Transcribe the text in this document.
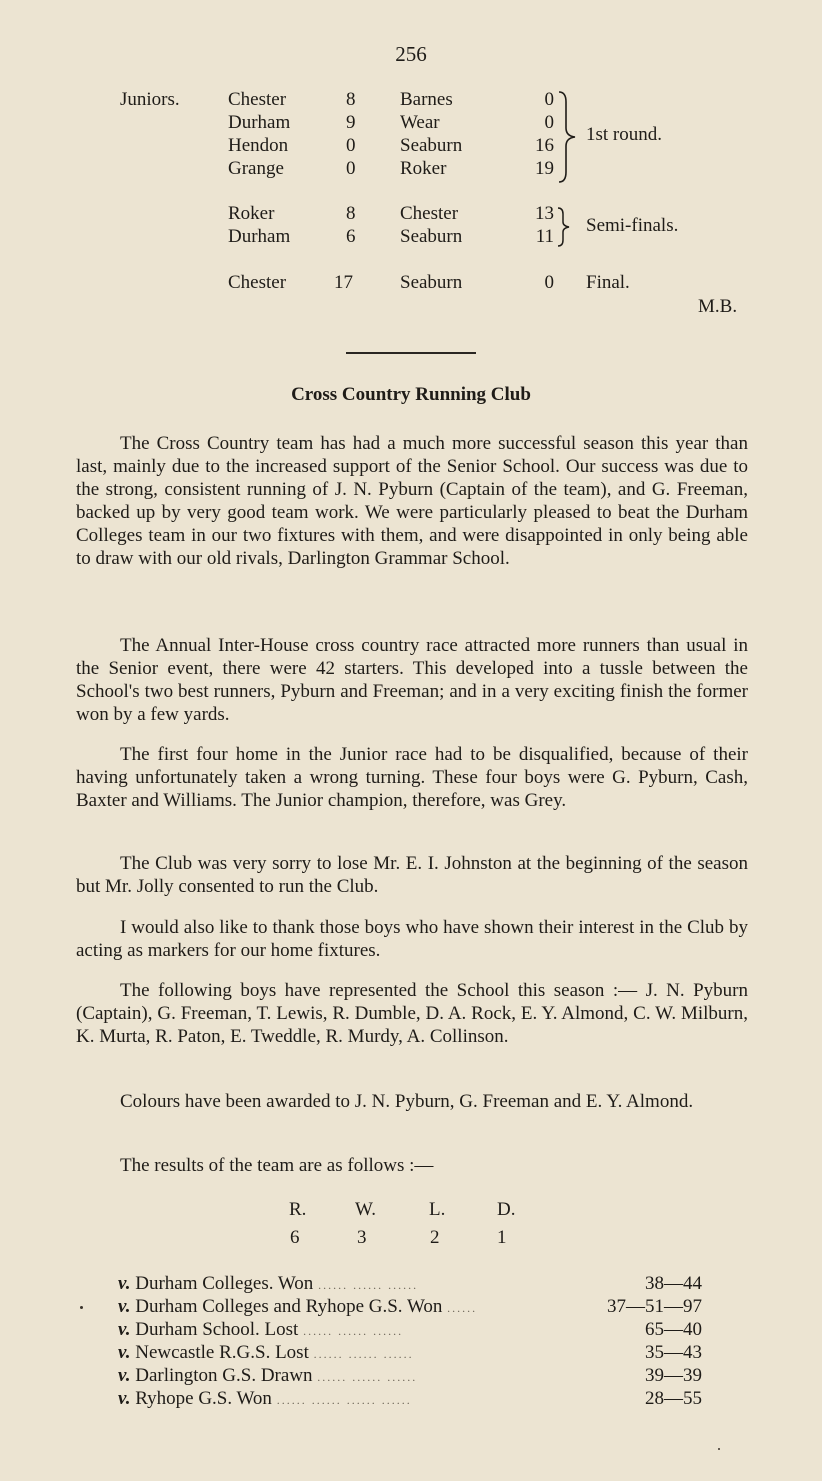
256
Juniors.	Chester	8 Barnes	0
Durham	9 Wear	0
Hendon	0 Seaburn	16
Grange	0 Roker	19
1st round.
Roker	8 Chester	13
Durham	6 Seaburn	11
Semi-finals.
Chester	17 Seaburn	0 Final.
M.B.
Cross Country Running Club
The Cross Country team has had a much more successful season this year than last, mainly due to the increased support of the Senior School. Our success was due to the strong, consistent running of J. N. Pyburn (Captain of the team), and G. Freeman, backed up by very good team work. We were particularly pleased to beat the Durham Colleges team in our two fixtures with them, and were disappointed in only being able to draw with our old rivals, Darlington Grammar School.
The Annual Inter-House cross country race attracted more runners than usual in the Senior event, there were 42 starters. This developed into a tussle between the School's two best runners, Pyburn and Freeman; and in a very exciting finish the former won by a few yards.
The first four home in the Junior race had to be disqualified, because of their having unfortunately taken a wrong turning. These four boys were G. Pyburn, Cash, Baxter and Williams. The Junior champion, therefore, was Grey.
The Club was very sorry to lose Mr. E. I. Johnston at the beginning of the season but Mr. Jolly consented to run the Club.
I would also like to thank those boys who have shown their interest in the Club by acting as markers for our home fixtures.
The following boys have represented the School this season :— J. N. Pyburn (Captain), G. Freeman, T. Lewis, R. Dumble, D. A. Rock, E. Y. Almond, C. W. Milburn, K. Murta, R. Paton, E. Tweddle, R. Murdy, A. Collinson.
Colours have been awarded to J. N. Pyburn, G. Freeman and E. Y. Almond.
The results of the team are as follows :—
R.	W.	L.	D.
6	3	2	1
v. Durham Colleges. Won ...... ...... ......	38—44
v. Durham Colleges and Ryhope G.S. Won ......	37—51—97
v. Durham School. Lost ...... ...... ......	65—40
v. Newcastle R.G.S. Lost ...... ...... ......	35—43
v. Darlington G.S. Drawn ...... ...... ......	39—39
v. Ryhope G.S. Won ...... ...... ...... ......	28—55
